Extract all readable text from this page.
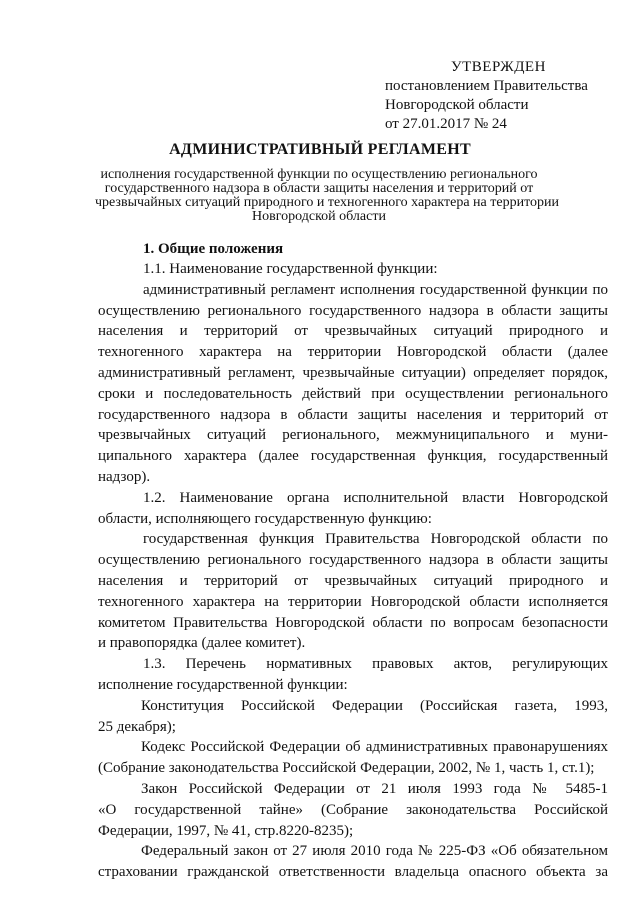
УТВЕРЖДЕН
постановлением Правительства
Новгородской области
от 27.01.2017 № 24
АДМИНИСТРАТИВНЫЙ РЕГЛАМЕНТ
исполнения государственной функции по осуществлению регионального
государственного надзора в области защиты населения и территорий от
чрезвычайных ситуаций природного и техногенного характера на территории
Новгородской области
1. Общие положения
1.1. Наименование государственной функции:
административный регламент исполнения государственной функции по
осуществлению регионального государственного надзора в области защиты
населения и территорий от чрезвычайных ситуаций природного и
техногенного характера на территории Новгородской области (далее
административный регламент, чрезвычайные ситуации) определяет порядок,
сроки и последовательность действий при осуществлении регионального
государственного надзора в области защиты населения и территорий от
чрезвычайных ситуаций регионального, межмуниципального и муни-
ципального характера (далее государственная функция, государственный
надзор).
1.2. Наименование органа исполнительной власти Новгородской
области, исполняющего государственную функцию:
государственная функция Правительства Новгородской области по
осуществлению регионального государственного надзора в области защиты
населения и территорий от чрезвычайных ситуаций природного и
техногенного характера на территории Новгородской области исполняется
комитетом Правительства Новгородской области по вопросам безопасности
и правопорядка (далее комитет).
1.3. Перечень нормативных правовых актов, регулирующих
исполнение государственной функции:
Конституция Российской Федерации (Российская газета, 1993,
25 декабря);
Кодекс Российской Федерации об административных правонарушениях
(Собрание законодательства Российской Федерации, 2002, № 1, часть 1, ст.1);
Закон Российской Федерации от 21 июля 1993 года № 5485-1
«О государственной тайне» (Собрание законодательства Российской
Федерации, 1997, № 41, стр.8220-8235);
Федеральный закон от 27 июля 2010 года № 225-ФЗ «Об обязательном
страховании гражданской ответственности владельца опасного объекта за
